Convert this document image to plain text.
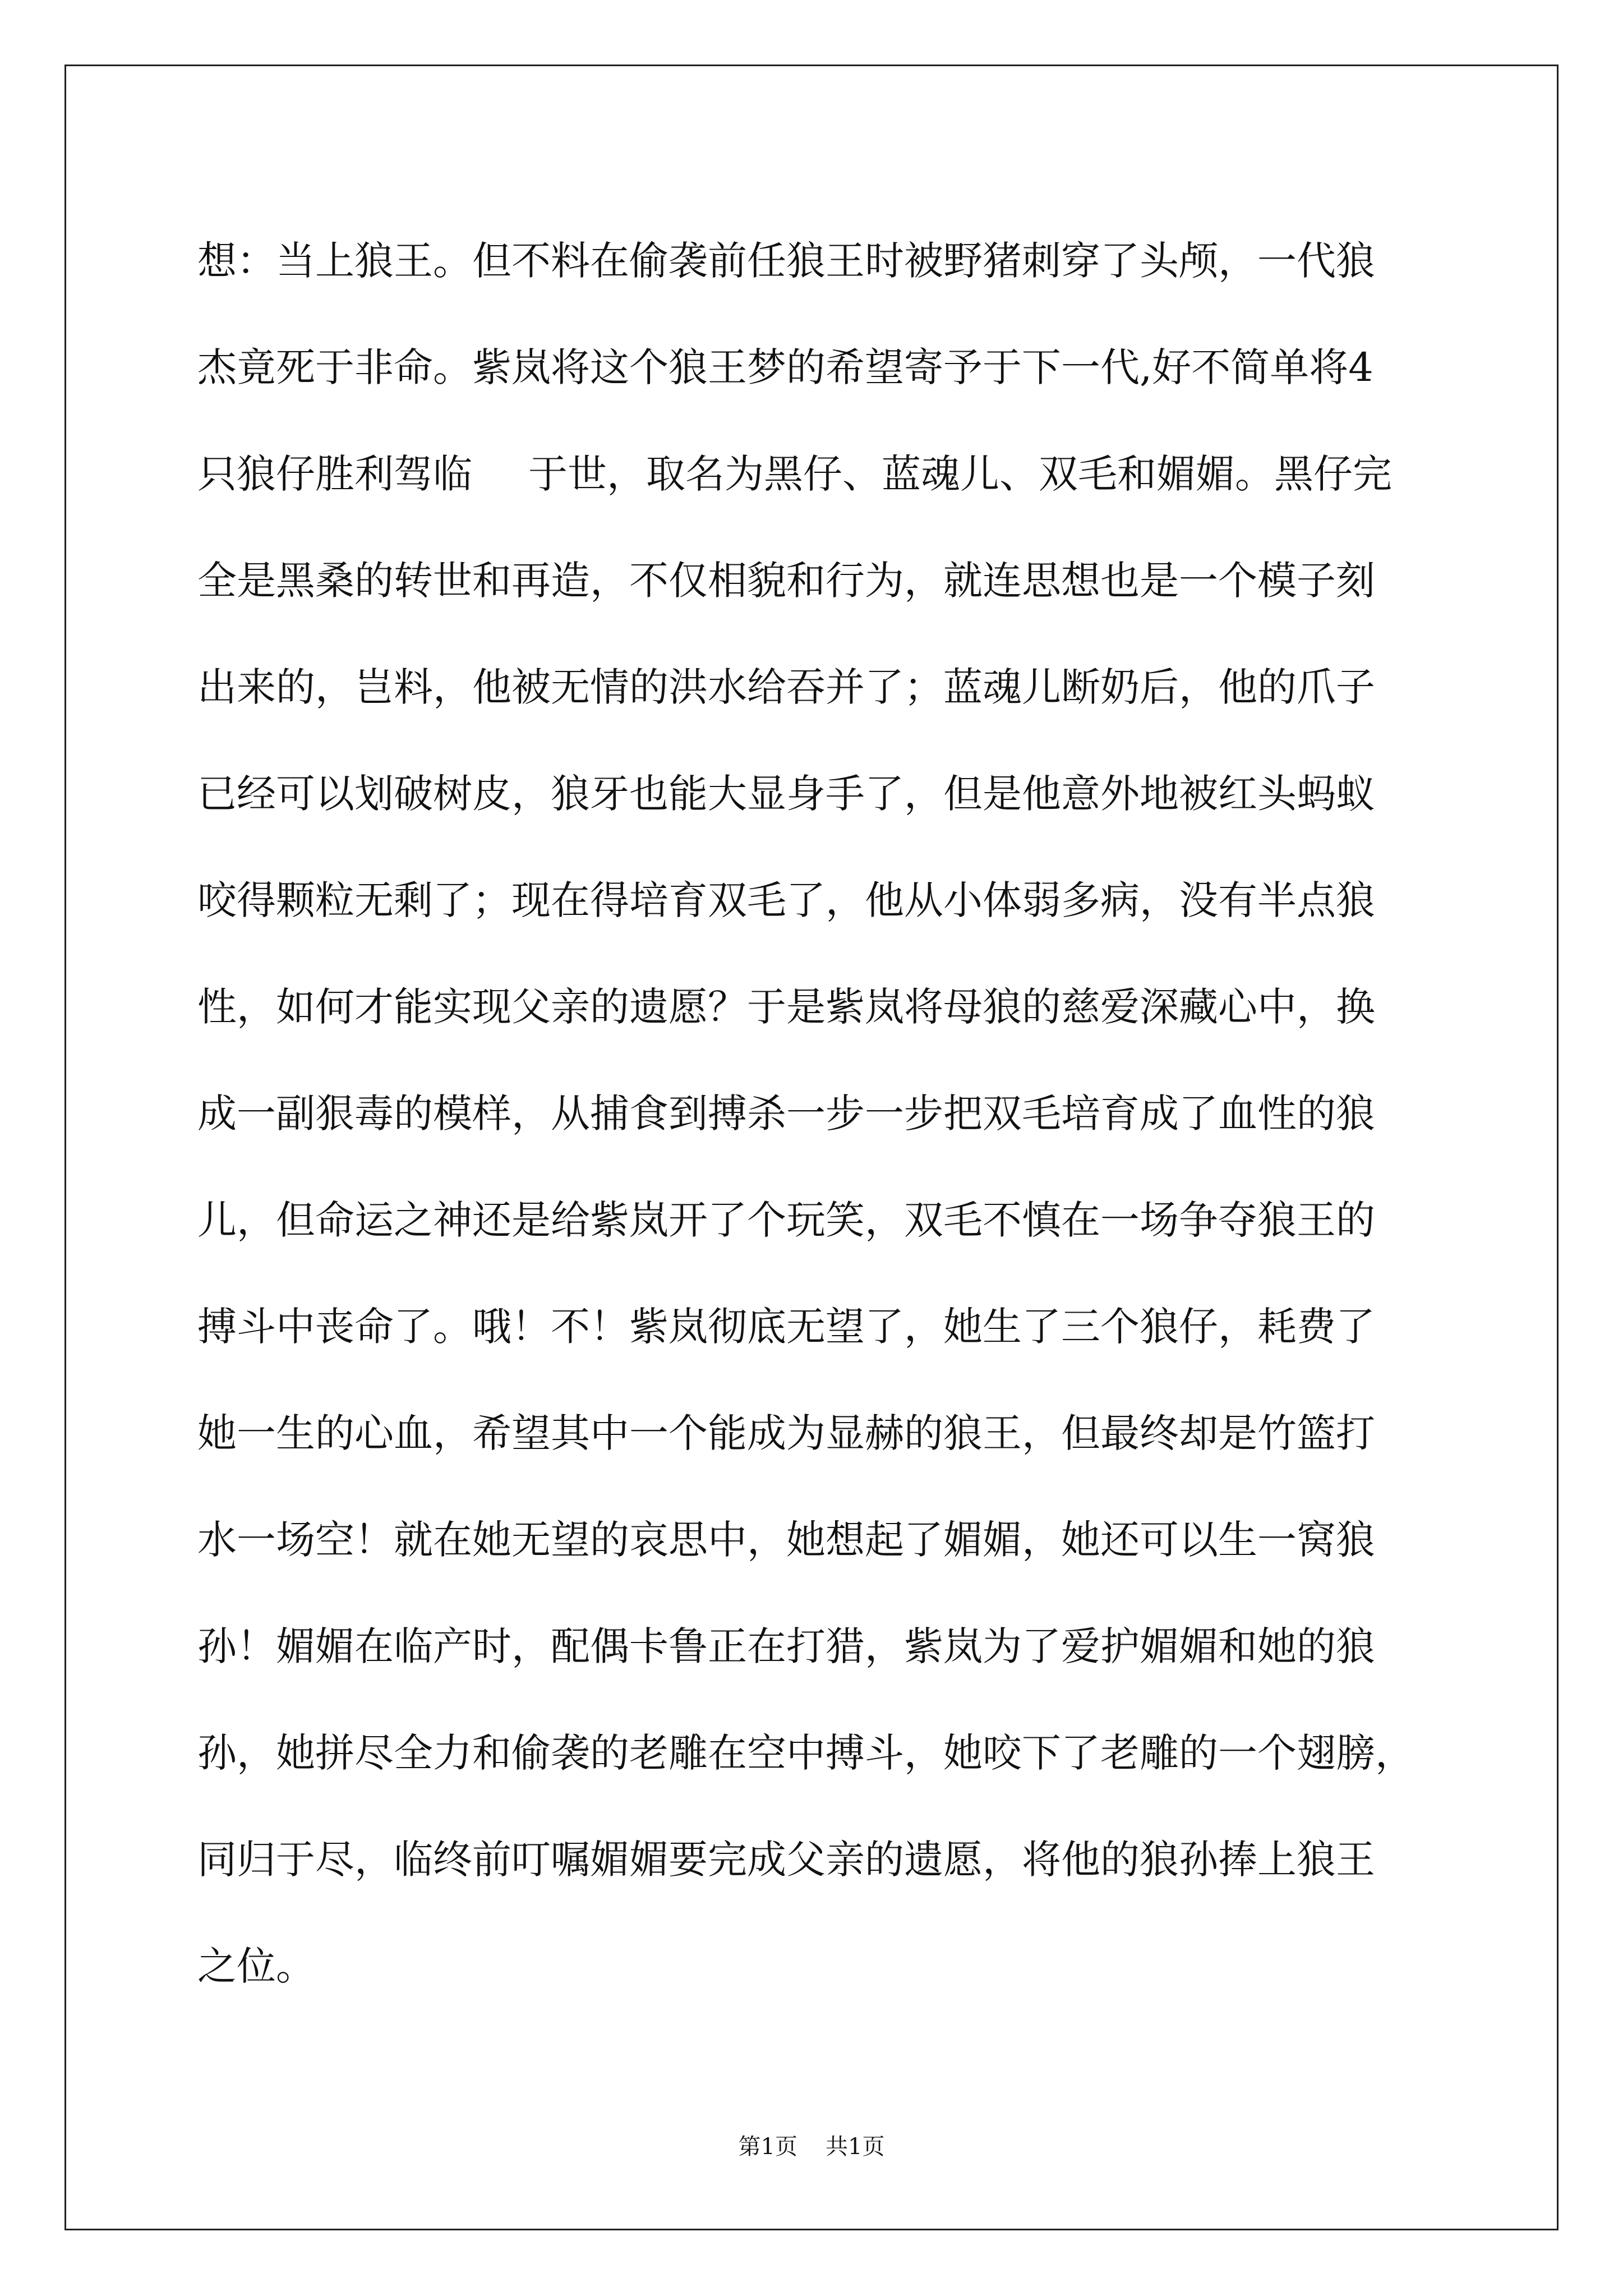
想：当上狼王。但不料在偷袭前任狼王时被野猪刺穿了头颅，一代狼
杰竟死于非命。紫岚将这个狼王梦的希望寄予于下一代,好不简单将4
只狼仔胜利驾临 于世，取名为黑仔、蓝魂儿、双毛和媚媚。黑仔完
全是黑桑的转世和再造，不仅相貌和行为，就连思想也是一个模子刻
出来的，岂料，他被无情的洪水给吞并了；蓝魂儿断奶后，他的爪子
已经可以划破树皮，狼牙也能大显身手了，但是他意外地被红头蚂蚁
咬得颗粒无剩了；现在得培育双毛了，他从小体弱多病，没有半点狼
性，如何才能实现父亲的遗愿？于是紫岚将母狼的慈爱深藏心中，换
成一副狠毒的模样，从捕食到搏杀一步一步把双毛培育成了血性的狼
儿，但命运之神还是给紫岚开了个玩笑，双毛不慎在一场争夺狼王的
搏斗中丧命了。哦！不！紫岚彻底无望了，她生了三个狼仔，耗费了
她一生的心血，希望其中一个能成为显赫的狼王，但最终却是竹篮打
水一场空！就在她无望的哀思中，她想起了媚媚，她还可以生一窝狼
孙！媚媚在临产时，配偶卡鲁正在打猎，紫岚为了爱护媚媚和她的狼
孙，她拼尽全力和偷袭的老雕在空中搏斗，她咬下了老雕的一个翅膀，
同归于尽，临终前叮嘱媚媚要完成父亲的遗愿，将他的狼孙捧上狼王
之位。
第1页 共1页
